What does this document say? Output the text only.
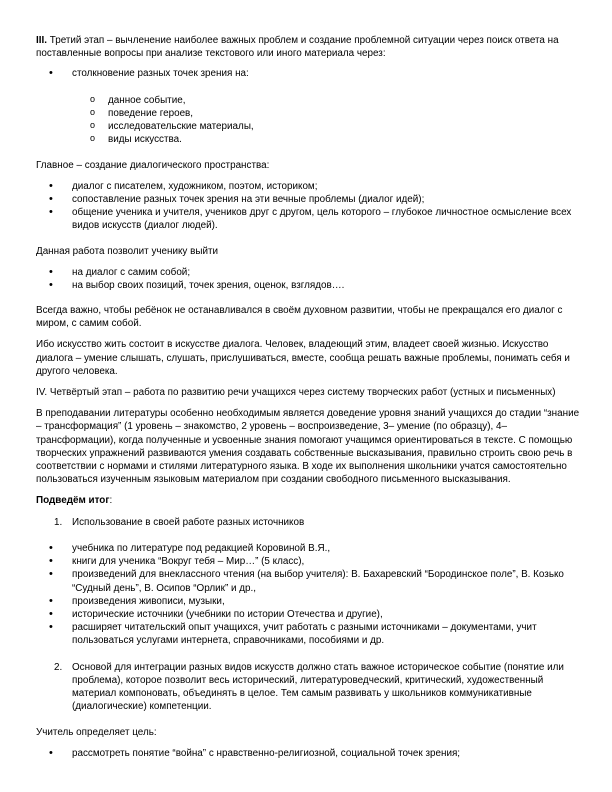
III. Третий этап – вычленение наиболее важных проблем и создание проблемной ситуации через поиск ответа на поставленные вопросы при анализе текстового или иного материала через:

• столкновение разных точек зрения на:
o данное событие,
o поведение героев,
o исследовательские материалы,
o виды искусства.

Главное – создание диалогического пространства:

• диалог с писателем, художником, поэтом, историком;
• сопоставление разных точек зрения на эти вечные проблемы (диалог идей);
• общение ученика и учителя, учеников друг с другом, цель которого – глубокое личностное осмысление всех видов искусств (диалог людей).

Данная работа позволит ученику выйти

• на диалог с самим собой;
• на выбор своих позиций, точек зрения, оценок, взглядов….

Всегда важно, чтобы ребёнок не останавливался в своём духовном развитии, чтобы не прекращался его диалог с миром, с самим собой.

Ибо искусство жить состоит в искусстве диалога. Человек, владеющий этим, владеет своей жизнью. Искусство диалога – умение слышать, слушать, прислушиваться, вместе, сообща решать важные проблемы, понимать себя и другого человека.

IV. Четвёртый этап – работа по развитию речи учащихся через систему творческих работ (устных и письменных)

В преподавании литературы особенно необходимым является доведение уровня знаний учащихся до стадии “знание – трансформация” (1 уровень – знакомство, 2 уровень – воспроизведение, 3– умение (по образцу), 4– трансформации), когда полученные и усвоенные знания помогают учащимся ориентироваться в тексте. С помощью творческих упражнений развиваются умения создавать собственные высказывания, правильно строить свою речь в соответствии с нормами и стилями литературного языка. В ходе их выполнения школьники учатся самостоятельно пользоваться изученным языковым материалом при создании свободного письменного высказывания.

Подведём итог:

1. Использование в своей работе разных источников
• учебника по литературе под редакцией Коровиной В.Я.,
• книги для ученика “Вокруг тебя – Мир…” (5 класс),
• произведений для внеклассного чтения (на выбор учителя): В. Бахаревский “Бородинское поле”, В. Козько “Судный день”, В. Осипов “Орлик” и др.,
• произведения живописи, музыки,
• исторические источники (учебники по истории Отечества и другие),
• расширяет читательский опыт учащихся, учит работать с разными источниками – документами, учит пользоваться услугами интернета, справочниками, пособиями и др.
2. Основой для интеграции разных видов искусств должно стать важное историческое событие (понятие или проблема), которое позволит весь исторический, литературоведческий, критический, художественный материал компоновать, объединять в целое. Тем самым развивать у школьников коммуникативные (диалогические) компетенции.

Учитель определяет цель:

• рассмотреть понятие “война” с нравственно-религиозной, социальной точек зрения;
